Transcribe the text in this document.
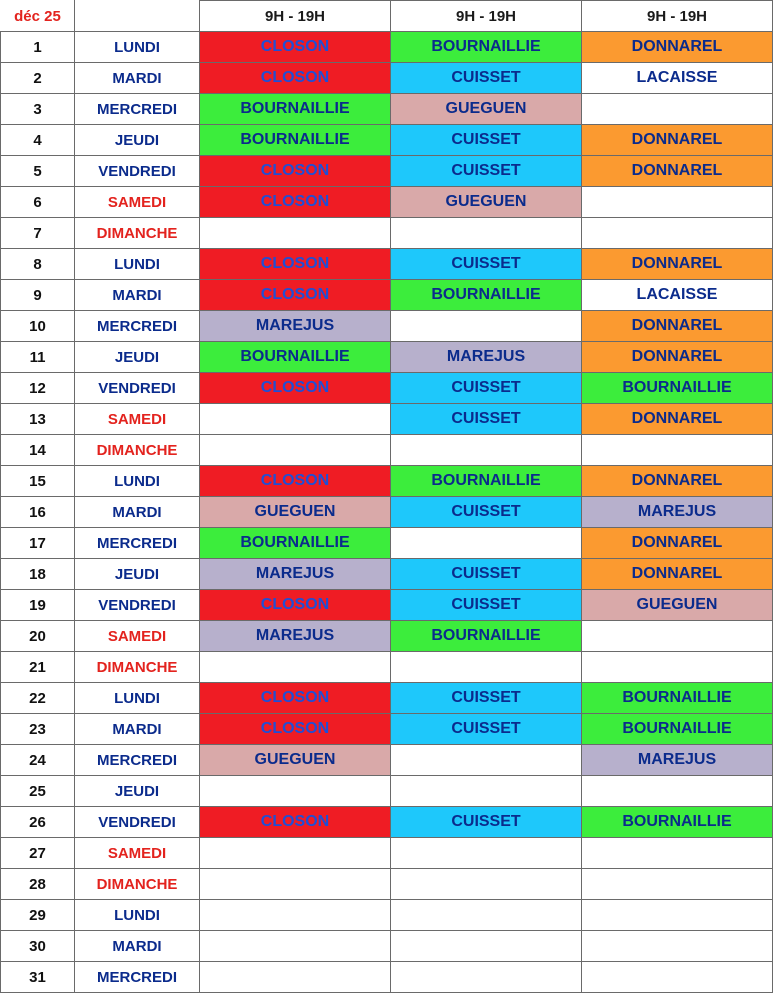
déc 25		9H - 19H	9H - 19H	9H - 19H
1	LUNDI	CLOSON	BOURNAILLIE	DONNAREL
2	MARDI	CLOSON	CUISSET	LACAISSE
3	MERCREDI	BOURNAILLIE	GUEGUEN	
4	JEUDI	BOURNAILLIE	CUISSET	DONNAREL
5	VENDREDI	CLOSON	CUISSET	DONNAREL
6	SAMEDI	CLOSON	GUEGUEN	
7	DIMANCHE			
8	LUNDI	CLOSON	CUISSET	DONNAREL
9	MARDI	CLOSON	BOURNAILLIE	LACAISSE
10	MERCREDI	MAREJUS		DONNAREL
11	JEUDI	BOURNAILLIE	MAREJUS	DONNAREL
12	VENDREDI	CLOSON	CUISSET	BOURNAILLIE
13	SAMEDI		CUISSET	DONNAREL
14	DIMANCHE			
15	LUNDI	CLOSON	BOURNAILLIE	DONNAREL
16	MARDI	GUEGUEN	CUISSET	MAREJUS
17	MERCREDI	BOURNAILLIE		DONNAREL
18	JEUDI	MAREJUS	CUISSET	DONNAREL
19	VENDREDI	CLOSON	CUISSET	GUEGUEN
20	SAMEDI	MAREJUS	BOURNAILLIE	
21	DIMANCHE			
22	LUNDI	CLOSON	CUISSET	BOURNAILLIE
23	MARDI	CLOSON	CUISSET	BOURNAILLIE
24	MERCREDI	GUEGUEN		MAREJUS
25	JEUDI			
26	VENDREDI	CLOSON	CUISSET	BOURNAILLIE
27	SAMEDI			
28	DIMANCHE			
29	LUNDI			
30	MARDI			
31	MERCREDI			
